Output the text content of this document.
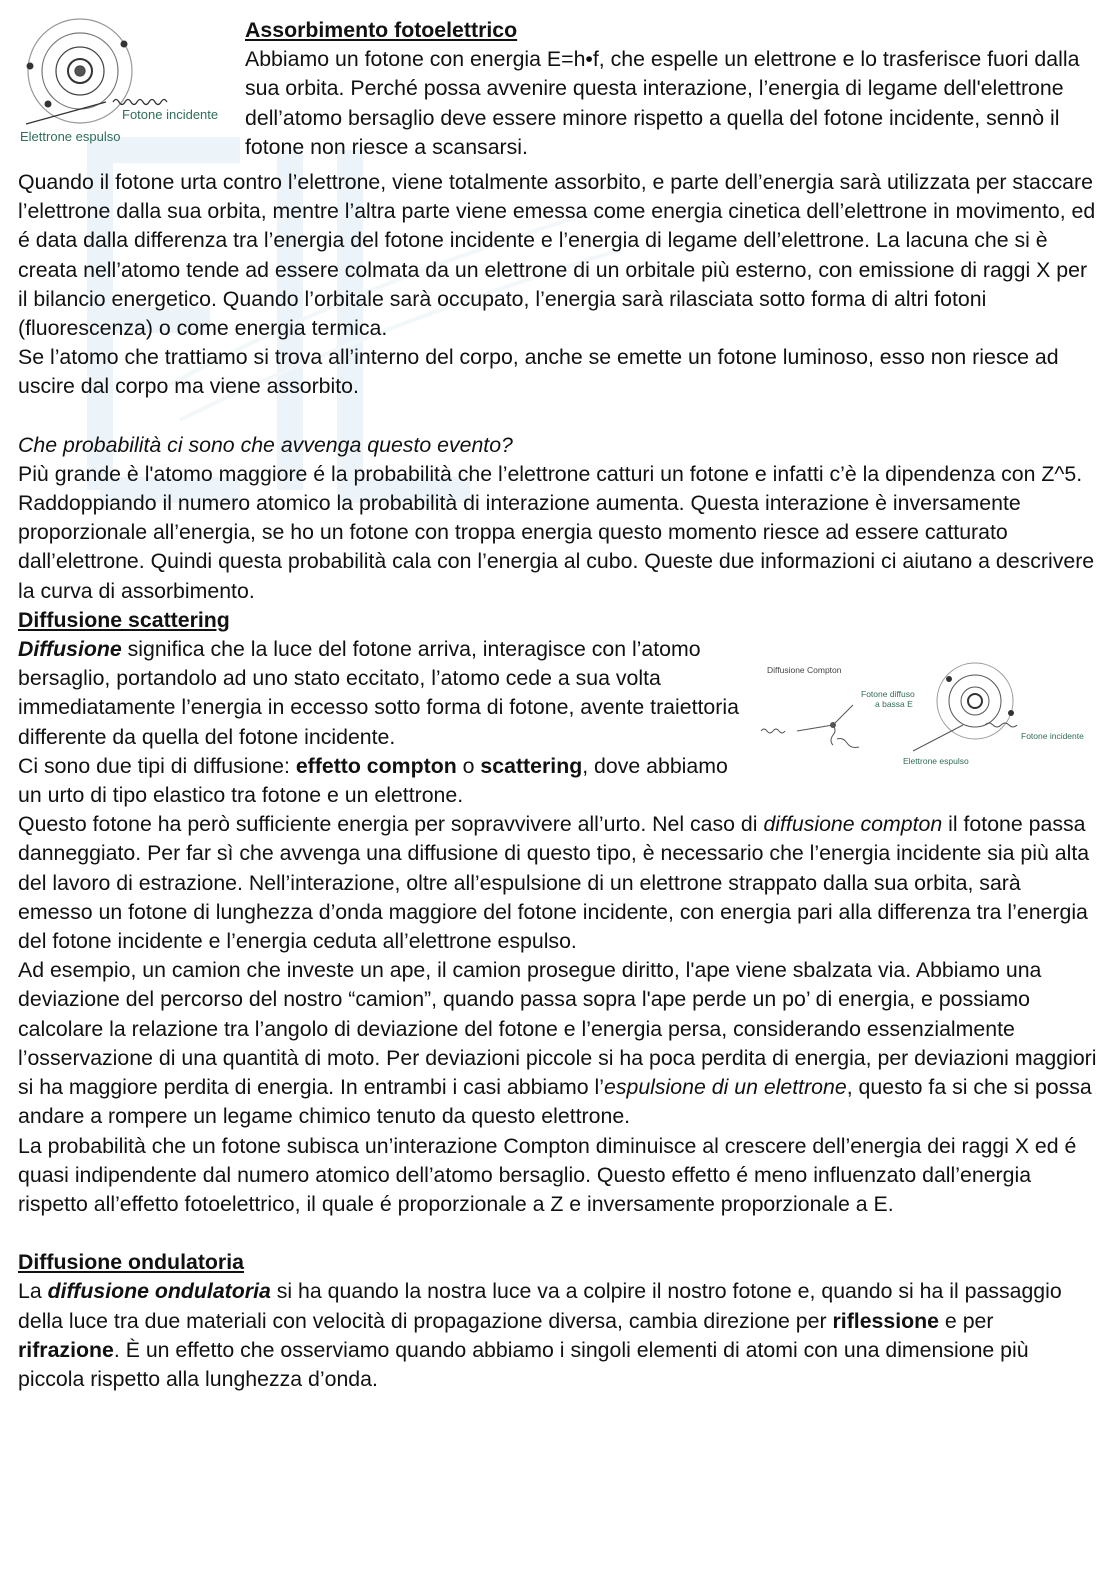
Fotone incidente
Elettrone espulso

Assorbimento fotoelettrico

Abbiamo un fotone con energia E=h•f, che espelle un elettrone e lo trasferisce fuori dalla sua orbita. Perché possa avvenire questa interazione, l’energia di legame dell'elettrone dell’atomo bersaglio deve essere minore rispetto a quella del fotone incidente, sennò il fotone non riesce a scansarsi.

Quando il fotone urta contro l’elettrone, viene totalmente assorbito, e parte dell’energia sarà utilizzata per staccare l’elettrone dalla sua orbita, mentre l’altra parte viene emessa come energia cinetica dell’elettrone in movimento, ed é data dalla differenza tra l’energia del fotone incidente e l’energia di legame dell’elettrone. La lacuna che si è creata nell’atomo tende ad essere colmata da un elettrone di un orbitale più esterno, con emissione di raggi X per il bilancio energetico. Quando l’orbitale sarà occupato, l’energia sarà rilasciata sotto forma di altri fotoni (fluorescenza) o come energia termica.

Se l’atomo che trattiamo si trova all’interno del corpo, anche se emette un fotone luminoso, esso non riesce ad uscire dal corpo ma viene assorbito.

Che probabilità ci sono che avvenga questo evento?

Più grande è l'atomo maggiore é la probabilità che l’elettrone catturi un fotone e infatti c’è la dipendenza con Z^5. Raddoppiando il numero atomico la probabilità di interazione aumenta. Questa interazione è inversamente proporzionale all’energia, se ho un fotone con troppa energia questo momento riesce ad essere catturato dall’elettrone. Quindi questa probabilità cala con l’energia al cubo. Queste due informazioni ci aiutano a descrivere la curva di assorbimento.

Diffusione scattering

Diffusione significa che la luce del fotone arriva, interagisce con l’atomo bersaglio, portandolo ad uno stato eccitato, l’atomo cede a sua volta immediatamente l’energia in eccesso sotto forma di fotone, avente traiettoria differente da quella del fotone incidente.

Ci sono due tipi di diffusione: effetto compton o scattering, dove abbiamo un urto di tipo elastico tra fotone e un elettrone.

Diffusione Compton
Fotone diffuso
a bassa E
Fotone incidente
Elettrone espulso

Questo fotone ha però sufficiente energia per sopravvivere all’urto. Nel caso di diffusione compton il fotone passa danneggiato. Per far sì che avvenga una diffusione di questo tipo, è necessario che l’energia incidente sia più alta del lavoro di estrazione. Nell’interazione, oltre all’espulsione di un elettrone strappato dalla sua orbita, sarà emesso un fotone di lunghezza d’onda maggiore del fotone incidente, con energia pari alla differenza tra l’energia del fotone incidente e l’energia ceduta all’elettrone espulso.

Ad esempio, un camion che investe un ape, il camion prosegue diritto, l'ape viene sbalzata via. Abbiamo una deviazione del percorso del nostro “camion”, quando passa sopra l'ape perde un po’ di energia, e possiamo calcolare la relazione tra l’angolo di deviazione del fotone e l’energia persa, considerando essenzialmente l’osservazione di una quantità di moto. Per deviazioni piccole si ha poca perdita di energia, per deviazioni maggiori si ha maggiore perdita di energia. In entrambi i casi abbiamo l’espulsione di un elettrone, questo fa si che si possa andare a rompere un legame chimico tenuto da questo elettrone.

La probabilità che un fotone subisca un’interazione Compton diminuisce al crescere dell’energia dei raggi X ed é quasi indipendente dal numero atomico dell’atomo bersaglio. Questo effetto é meno influenzato dall’energia rispetto all’effetto fotoelettrico, il quale é proporzionale a Z e inversamente proporzionale a E.

Diffusione ondulatoria

La diffusione ondulatoria si ha quando la nostra luce va a colpire il nostro fotone e, quando si ha il passaggio della luce tra due materiali con velocità di propagazione diversa, cambia direzione per riflessione e per rifrazione. È un effetto che osserviamo quando abbiamo i singoli elementi di atomi con una dimensione più piccola rispetto alla lunghezza d’onda.
